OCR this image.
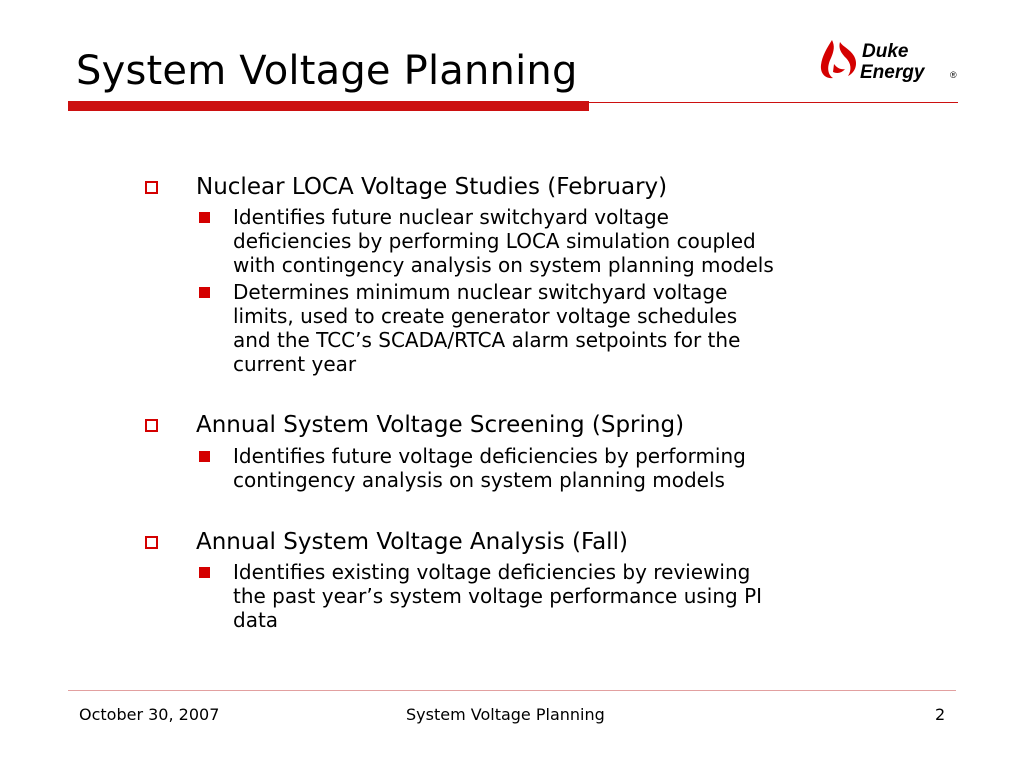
System Voltage Planning	Duke
Energy	®
Nuclear LOCA Voltage Studies (February)
Identifies future nuclear switchyard voltage
deficiencies by performing LOCA simulation coupled
with contingency analysis on system planning models
Determines minimum nuclear switchyard voltage
limits, used to create generator voltage schedules
and the TCC’s SCADA/RTCA alarm setpoints for the
current year
Annual System Voltage Screening (Spring)
Identifies future voltage deficiencies by performing
contingency analysis on system planning models
Annual System Voltage Analysis (Fall)
Identifies existing voltage deficiencies by reviewing
the past year’s system voltage performance using PI
data
October 30, 2007	System Voltage Planning	2
